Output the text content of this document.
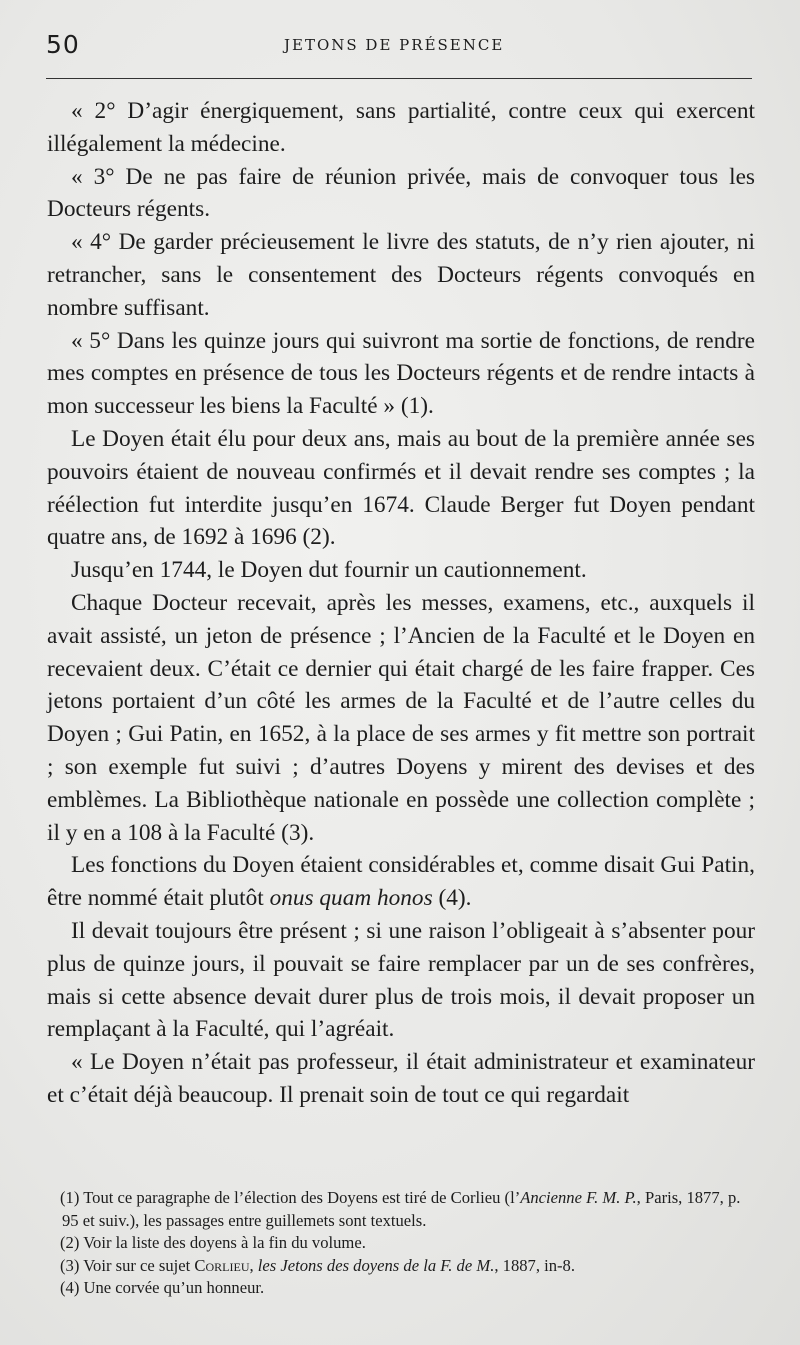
50	JETONS DE PRÉSENCE

« 2° D’agir énergiquement, sans partialité, contre ceux qui exercent illégalement la médecine.

« 3° De ne pas faire de réunion privée, mais de convoquer tous les Docteurs régents.

« 4° De garder précieusement le livre des statuts, de n’y rien ajouter, ni retrancher, sans le consentement des Docteurs régents convoqués en nombre suffisant.

« 5° Dans les quinze jours qui suivront ma sortie de fonctions, de rendre mes comptes en présence de tous les Docteurs régents et de rendre intacts à mon successeur les biens la Faculté » (1).

Le Doyen était élu pour deux ans, mais au bout de la première année ses pouvoirs étaient de nouveau confirmés et il devait rendre ses comptes ; la réélection fut interdite jusqu’en 1674. Claude Berger fut Doyen pendant quatre ans, de 1692 à 1696 (2).

Jusqu’en 1744, le Doyen dut fournir un cautionnement.

Chaque Docteur recevait, après les messes, examens, etc., auxquels il avait assisté, un jeton de présence ; l’Ancien de la Faculté et le Doyen en recevaient deux. C’était ce dernier qui était chargé de les faire frapper. Ces jetons portaient d’un côté les armes de la Faculté et de l’autre celles du Doyen ; Gui Patin, en 1652, à la place de ses armes y fit mettre son portrait ; son exemple fut suivi ; d’autres Doyens y mirent des devises et des emblèmes. La Bibliothèque nationale en possède une collection complète ; il y en a 108 à la Faculté (3).

Les fonctions du Doyen étaient considérables et, comme disait Gui Patin, être nommé était plutôt onus quam honos (4).

Il devait toujours être présent ; si une raison l’obligeait à s’absenter pour plus de quinze jours, il pouvait se faire remplacer par un de ses confrères, mais si cette absence devait durer plus de trois mois, il devait proposer un remplaçant à la Faculté, qui l’agréait.

« Le Doyen n’était pas professeur, il était administrateur et examinateur et c’était déjà beaucoup. Il prenait soin de tout ce qui regardait

(1) Tout ce paragraphe de l’élection des Doyens est tiré de Corlieu (l’Ancienne F. M. P., Paris, 1877, p. 95 et suiv.), les passages entre guillemets sont textuels.

(2) Voir la liste des doyens à la fin du volume.

(3) Voir sur ce sujet Corlieu, les Jetons des doyens de la F. de M., 1887, in-8.

(4) Une corvée qu’un honneur.
